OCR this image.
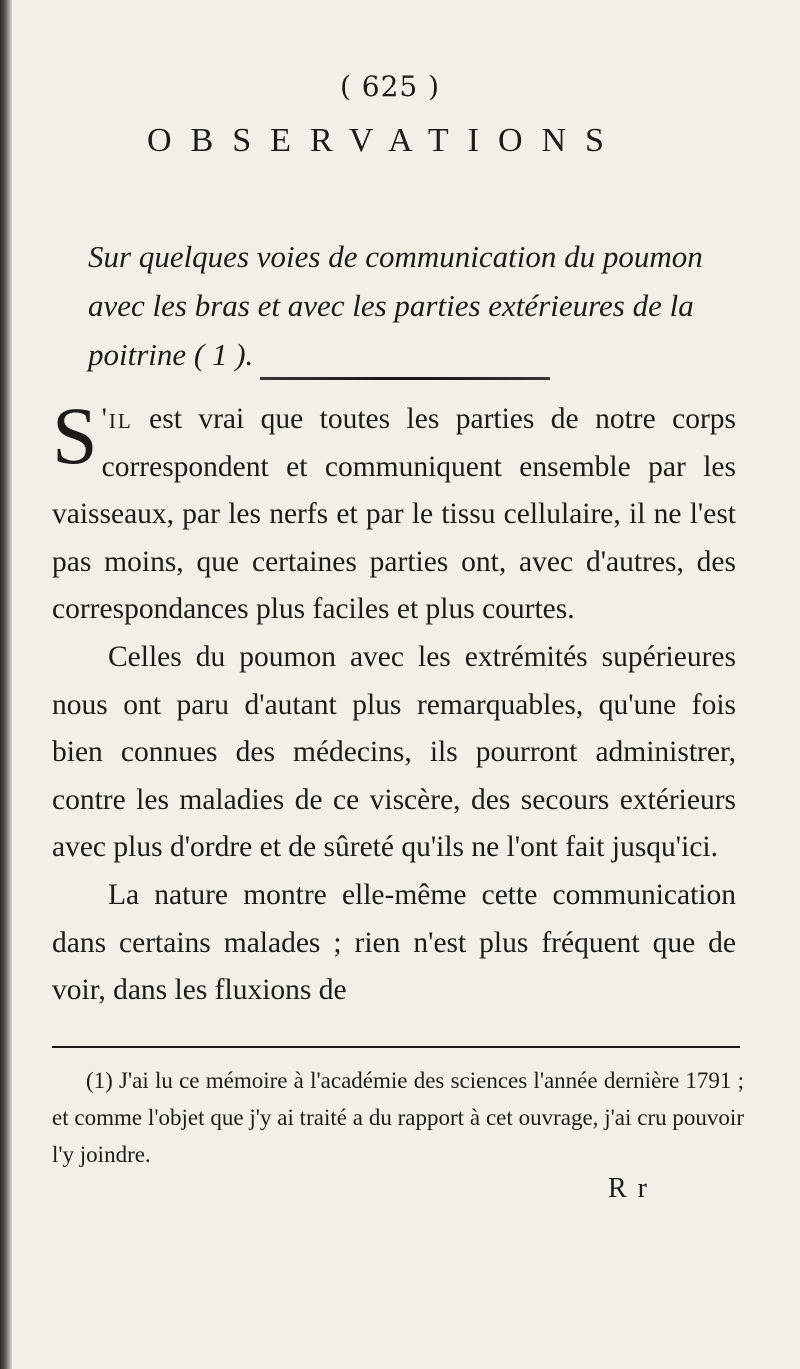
( 625 )
OBSERVATIONS

Sur quelques voies de communication du poumon avec les bras et avec les parties extérieures de la poitrine ( 1 ).

S 'il est vrai que toutes les parties de notre corps correspondent et communiquent ensemble par les vaisseaux, par les nerfs et par le tissu cellulaire, il ne l'est pas moins, que certaines parties ont, avec d'autres, des correspondances plus faciles et plus courtes.

Celles du poumon avec les extrémités supérieures nous ont paru d'autant plus remarquables, qu'une fois bien connues des médecins, ils pourront administrer, contre les maladies de ce viscère, des secours extérieurs avec plus d'ordre et de sûreté qu'ils ne l'ont fait jusqu'ici.

La nature montre elle-même cette communication dans certains malades ; rien n'est plus fréquent que de voir, dans les fluxions de

(1) J'ai lu ce mémoire à l'académie des sciences l'année dernière 1791 ; et comme l'objet que j'y ai traité a du rapport à cet ouvrage, j'ai cru pouvoir l'y joindre.

R r
